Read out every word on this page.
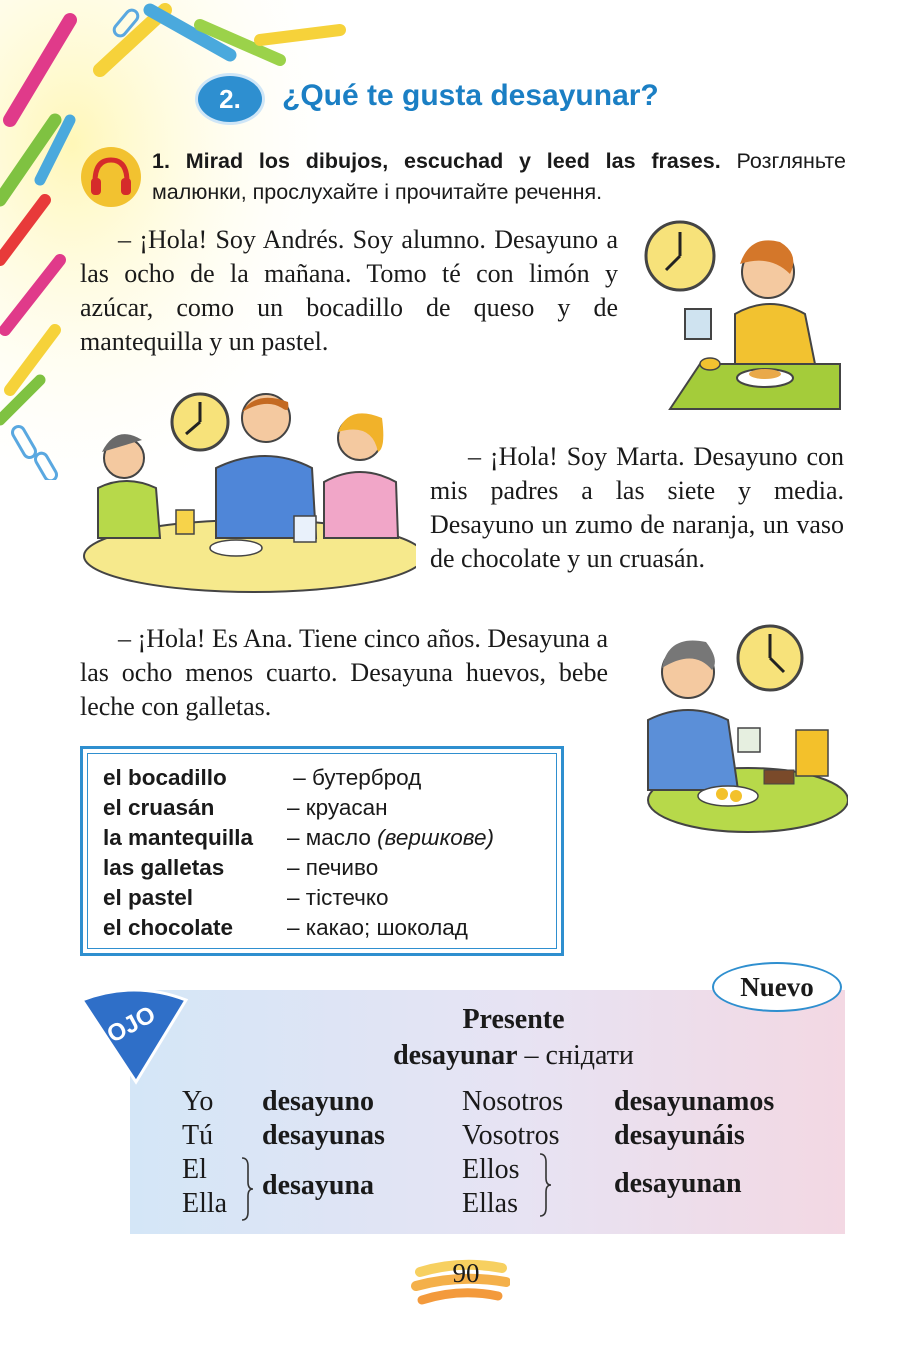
2.	¿Qué te gusta desayunar?
1. Mirad los dibujos, escuchad y leed las frases. Розгляньте малюнки, прослухайте і прочитайте речення.
– ¡Hola! Soy Andrés. Soy alumno. Desayuno a las ocho de la mañana. Tomo té con limón y azúcar, como un bocadillo de queso y de mantequilla y un pastel.
– ¡Hola! Soy Marta. Desayuno con mis padres a las siete y media. Desayuno un zumo de naranja, un vaso de chocolate y un cruasán.
– ¡Hola! Es Ana. Tiene cinco años. Desayuna a las ocho menos cuarto. Desayuna huevos, bebe leche con galletas.
el bocadillo	– бутерброд
el cruasán	– круасан
la mantequilla – масло (вершкове)
las galletas	– печиво
el pastel	– тістечко
el chocolate – какао; шоколад
OJO
Nuevo
Presente
desayunar – снідати
Yo desayuno
Tú desayunas
El
Ella
desayuna
Nosotros desayunamos
Vosotros desayunáis
Ellos
Ellas
desayunan
90
